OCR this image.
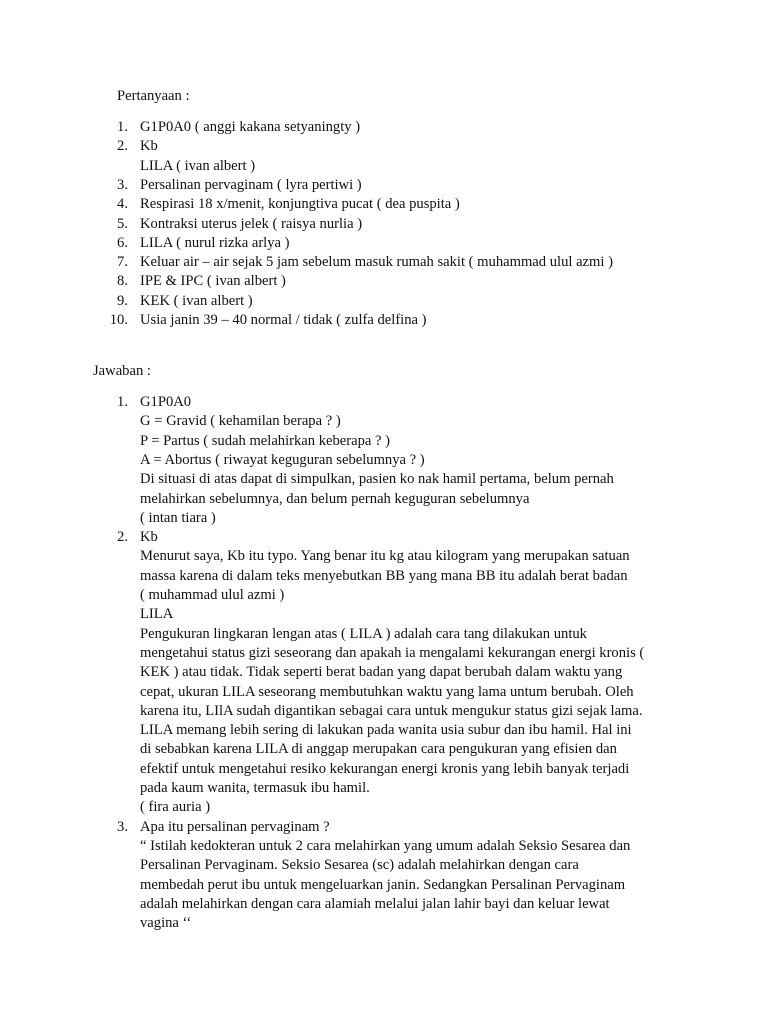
Pertanyaan :
Jawaban :
1. G1P0A0 ( anggi kakana setyaningty )
2. Kb
LILA ( ivan albert )
3. Persalinan pervaginam ( lyra pertiwi )
4. Respirasi 18 x/menit, konjungtiva pucat ( dea puspita )
5. Kontraksi uterus jelek ( raisya nurlia )
6. LILA ( nurul rizka arlya )
7. Keluar air – air sejak 5 jam sebelum masuk rumah sakit ( muhammad ulul azmi )
8. IPE & IPC ( ivan albert )
9. KEK ( ivan albert )
10. Usia janin 39 – 40 normal / tidak ( zulfa delfina )
1. G1P0A0
G = Gravid ( kehamilan berapa ? )
P = Partus ( sudah melahirkan keberapa ? )
A = Abortus ( riwayat keguguran sebelumnya ? )
Di situasi di atas dapat di simpulkan, pasien ko nak hamil pertama, belum pernah
melahirkan sebelumnya, dan belum pernah keguguran sebelumnya
( intan tiara )
2. Kb
Menurut saya, Kb itu typo. Yang benar itu kg atau kilogram yang merupakan satuan
massa karena di dalam teks menyebutkan BB yang mana BB itu adalah berat badan
( muhammad ulul azmi )
LILA
Pengukuran lingkaran lengan atas ( LILA ) adalah cara tang dilakukan untuk
mengetahui status gizi seseorang dan apakah ia mengalami kekurangan energi kronis (
KEK ) atau tidak. Tidak seperti berat badan yang dapat berubah dalam waktu yang
cepat, ukuran LILA seseorang membutuhkan waktu yang lama untum berubah. Oleh
karena itu, LIlA sudah digantikan sebagai cara untuk mengukur status gizi sejak lama.
LILA memang lebih sering di lakukan pada wanita usia subur dan ibu hamil. Hal ini
di sebabkan karena LILA di anggap merupakan cara pengukuran yang efisien dan
efektif untuk mengetahui resiko kekurangan energi kronis yang lebih banyak terjadi
pada kaum wanita, termasuk ibu hamil.
( fira auria )
3. Apa itu persalinan pervaginam ?
“ Istilah kedokteran untuk 2 cara melahirkan yang umum adalah Seksio Sesarea dan
Persalinan Pervaginam. Seksio Sesarea (sc) adalah melahirkan dengan cara
membedah perut ibu untuk mengeluarkan janin. Sedangkan Persalinan Pervaginam
adalah melahirkan dengan cara alamiah melalui jalan lahir bayi dan keluar lewat
vagina ‘‘
